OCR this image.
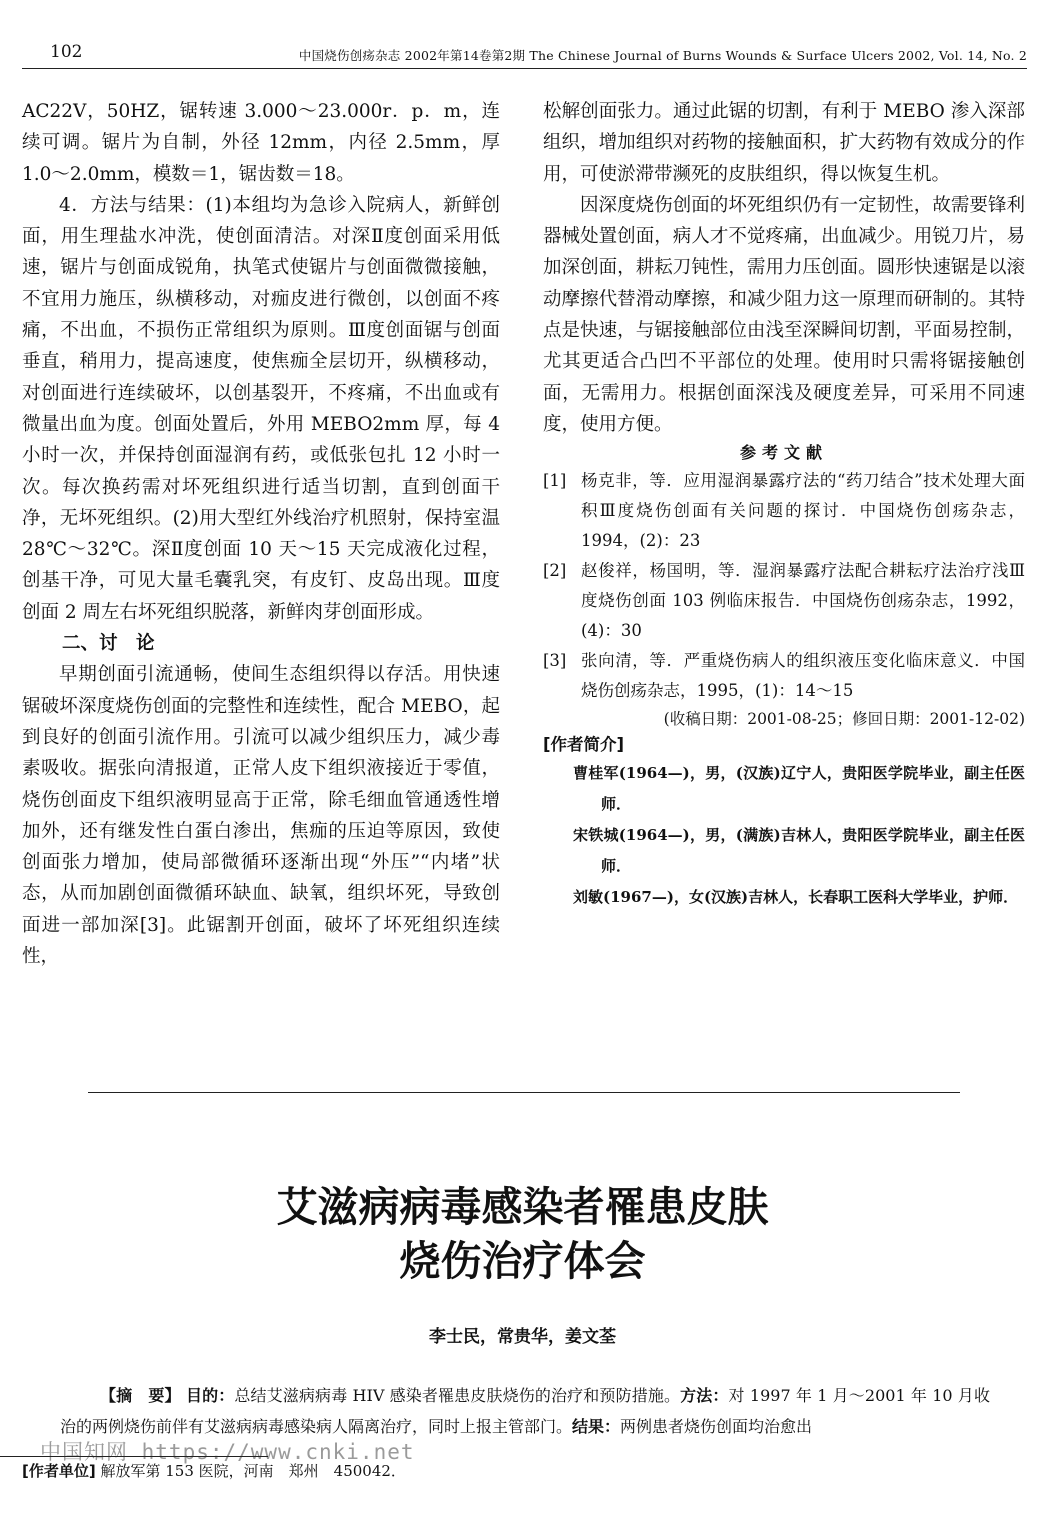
102	中国烧伤创疡杂志 2002年第14卷第2期 The Chinese Journal of Burns Wounds & Surface Ulcers 2002, Vol. 14, No. 2

AC22V，50HZ，锯转速 3.000～23.000r．p．m，连续可调。锯片为自制，外径 12mm，内径 2.5mm，厚 1.0～2.0mm，模数＝1，锯齿数＝18。

4．方法与结果：(1)本组均为急诊入院病人，新鲜创面，用生理盐水冲洗，使创面清洁。对深Ⅱ度创面采用低速，锯片与创面成锐角，执笔式使锯片与创面微微接触，不宜用力施压，纵横移动，对痂皮进行微创，以创面不疼痛，不出血，不损伤正常组织为原则。Ⅲ度创面锯与创面垂直，稍用力，提高速度，使焦痂全层切开，纵横移动，对创面进行连续破坏，以创基裂开，不疼痛，不出血或有微量出血为度。创面处置后，外用 MEBO2mm 厚，每 4 小时一次，并保持创面湿润有药，或低张包扎 12 小时一次。每次换药需对坏死组织进行适当切割，直到创面干净，无坏死组织。(2)用大型红外线治疗机照射，保持室温 28℃～32℃。深Ⅱ度创面 10 天～15 天完成液化过程，创基干净，可见大量毛囊乳突，有皮钉、皮岛出现。Ⅲ度创面 2 周左右坏死组织脱落，新鲜肉芽创面形成。

二、讨　论

早期创面引流通畅，使间生态组织得以存活。用快速锯破坏深度烧伤创面的完整性和连续性，配合 MEBO，起到良好的创面引流作用。引流可以减少组织压力，减少毒素吸收。据张向清报道，正常人皮下组织液接近于零值，烧伤创面皮下组织液明显高于正常，除毛细血管通透性增加外，还有继发性白蛋白渗出，焦痂的压迫等原因，致使创面张力增加，使局部微循环逐渐出现“外压”“内堵”状态，从而加剧创面微循环缺血、缺氧，组织坏死，导致创面进一部加深[3]。此锯割开创面，破坏了坏死组织连续性，

松解创面张力。通过此锯的切割，有利于 MEBO 渗入深部组织，增加组织对药物的接触面积，扩大药物有效成分的作用，可使淤滞带濒死的皮肤组织，得以恢复生机。

因深度烧伤创面的坏死组织仍有一定韧性，故需要锋利器械处置创面，病人才不觉疼痛，出血减少。用锐刀片，易加深创面，耕耘刀钝性，需用力压创面。圆形快速锯是以滚动摩擦代替滑动摩擦，和减少阻力这一原理而研制的。其特点是快速，与锯接触部位由浅至深瞬间切割，平面易控制，尤其更适合凸凹不平部位的处理。使用时只需将锯接触创面，无需用力。根据创面深浅及硬度差异，可采用不同速度，使用方便。

参考文献

[1] 杨克非，等．应用湿润暴露疗法的“药刀结合”技术处理大面积Ⅲ度烧伤创面有关问题的探讨．中国烧伤创疡杂志，1994，(2)：23

[2] 赵俊祥，杨国明，等．湿润暴露疗法配合耕耘疗法治疗浅Ⅲ度烧伤创面 103 例临床报告．中国烧伤创疡杂志，1992，(4)：30

[3] 张向清，等．严重烧伤病人的组织液压变化临床意义．中国烧伤创疡杂志，1995，(1)：14～15

(收稿日期：2001-08-25；修回日期：2001-12-02)

[作者简介]

曹桂军(1964—)，男，(汉族)辽宁人，贵阳医学院毕业，副主任医师．

宋铁城(1964—)，男，(满族)吉林人，贵阳医学院毕业，副主任医师．

刘敏(1967—)，女(汉族)吉林人，长春职工医科大学毕业，护师．

艾滋病病毒感染者罹患皮肤
烧伤治疗体会

李士民，常贵华，姜文荃

【摘　要】 目的：总结艾滋病病毒 HIV 感染者罹患皮肤烧伤的治疗和预防措施。方法：对 1997 年 1 月～2001 年 10 月收治的两例烧伤前伴有艾滋病病毒感染病人隔离治疗，同时上报主管部门。结果：两例患者烧伤创面均治愈出

中国知网 https://www.cnki.net
[作者单位] 解放军第 153 医院，河南　郑州　450042．
